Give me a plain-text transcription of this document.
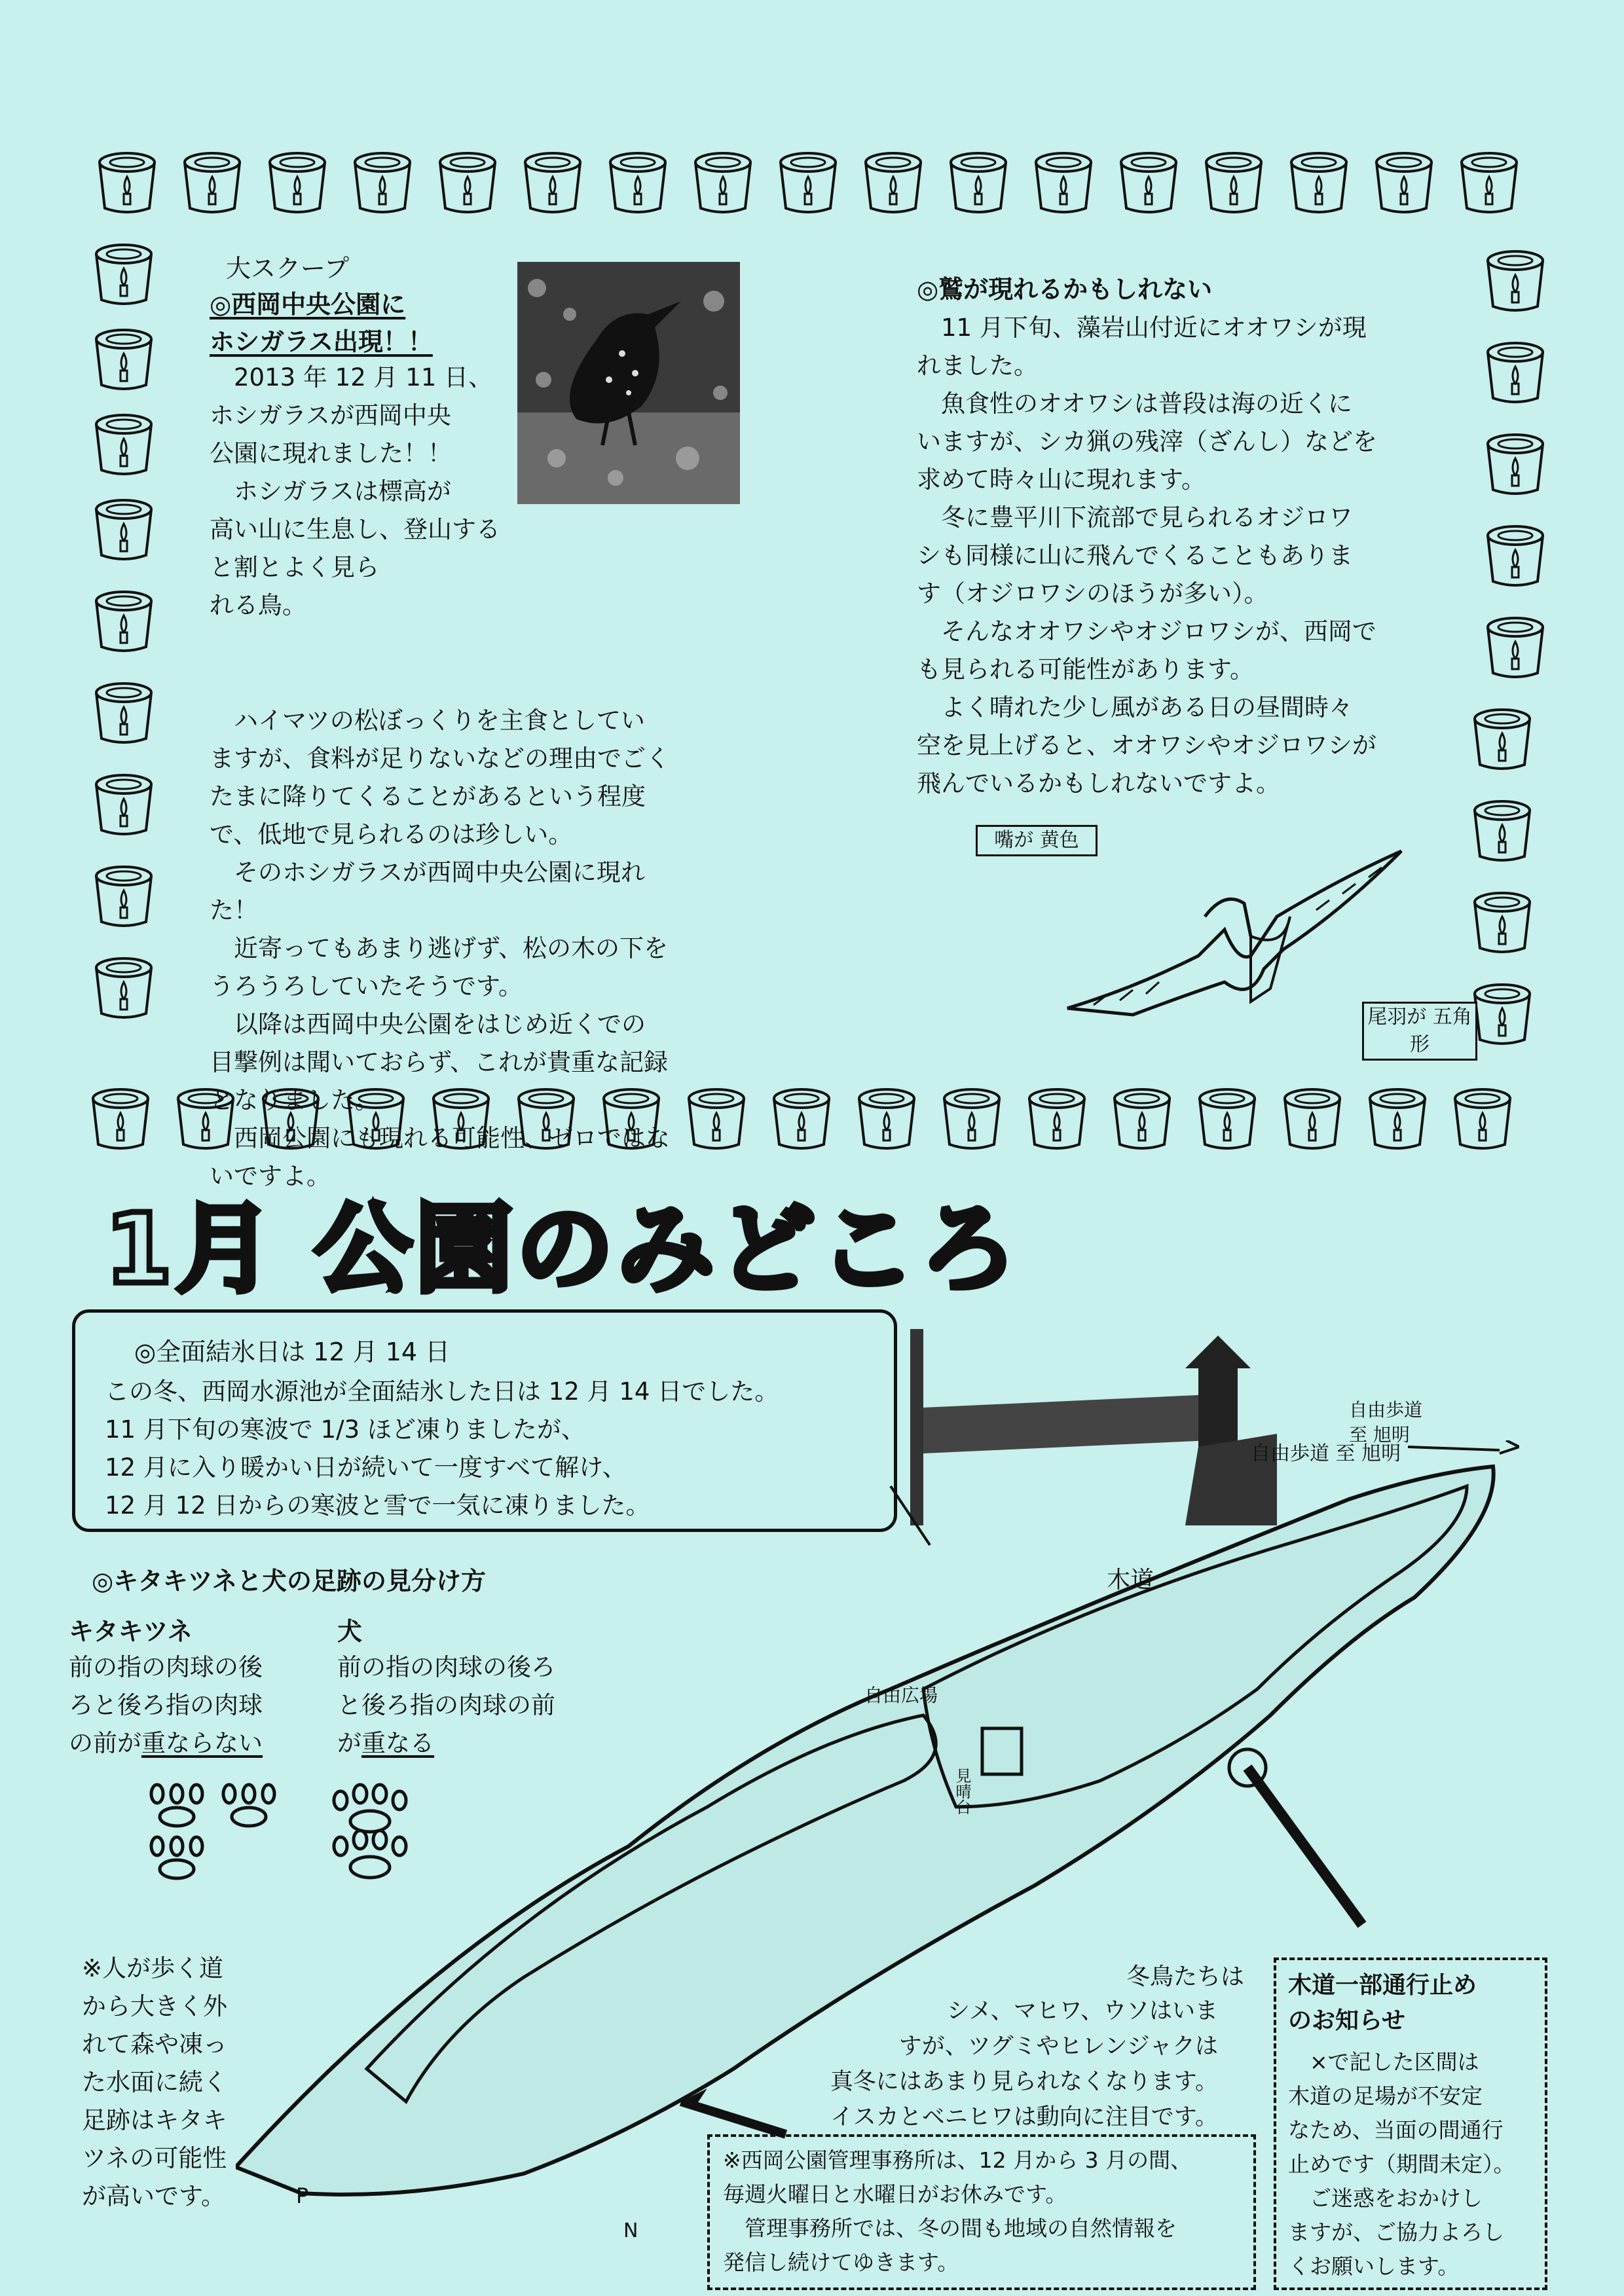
大スクープ
◎西岡中央公園に
ホシガラス出現！！
　2013 年 12 月 11 日、
ホシガラスが西岡中央
公園に現れました！！
　ホシガラスは標高が
高い山に生息し、登山すると割とよく見ら
れる鳥。
　ハイマツの松ぼっくりを主食としてい
ますが、食料が足りないなどの理由でごく
たまに降りてくることがあるという程度
で、低地で見られるのは珍しい。
　そのホシガラスが西岡中央公園に現れ
た！
　近寄ってもあまり逃げず、松の木の下を
うろうろしていたそうです。
　以降は西岡中央公園をはじめ近くでの
目撃例は聞いておらず、これが貴重な記録
となりました。
　西岡公園にも現れる可能性、ゼロではな
いですよ。
◎鷲が現れるかもしれない
　11 月下旬、藻岩山付近にオオワシが現
れました。
　魚食性のオオワシは普段は海の近くに
いますが、シカ猟の残滓（ざんし）などを
求めて時々山に現れます。
　冬に豊平川下流部で見られるオジロワ
シも同様に山に飛んでくることもありま
す（オジロワシのほうが多い）。
　そんなオオワシやオジロワシが、西岡で
も見られる可能性があります。
　よく晴れた少し風がある日の昼間時々
空を見上げると、オオワシやオジロワシが
飛んでいるかもしれないですよ。
嘴が 黄色
尾羽が 五角形
1月 公園のみどころ
◎全面結氷日は 12 月 14 日
この冬、西岡水源池が全面結氷した日は 12 月 14 日でした。
11 月下旬の寒波で 1/3 ほど凍りましたが、
12 月に入り暖かい日が続いて一度すべて解け、
12 月 12 日からの寒波と雪で一気に凍りました。
◎キタキツネと犬の足跡の見分け方
キタキツネ
前の指の肉球の後
ろと後ろ指の肉球
の前が重ならない
犬
前の指の肉球の後ろ
と後ろ指の肉球の前
が重なる
※人が歩く道
から大きく外
れて森や凍っ
た水面に続く
足跡はキタキ
ツネの可能性
が高いです。
自由歩道 至 旭明
自由歩道
至 旭明
木道
自由広場
見晴台
P
N
冬鳥たちは
シメ、マヒワ、ウソはいま
すが、ツグミやヒレンジャクは
真冬にはあまり見られなくなります。
イスカとベニヒワは動向に注目です。
※西岡公園管理事務所は、12 月から 3 月の間、
毎週火曜日と水曜日がお休みです。
　管理事務所では、冬の間も地域の自然情報を
発信し続けてゆきます。
木道一部通行止め
のお知らせ
　×で記した区間は
木道の足場が不安定
なため、当面の間通行
止めです（期間未定）。
　ご迷惑をおかけし
ますが、ご協力よろし
くお願いします。
